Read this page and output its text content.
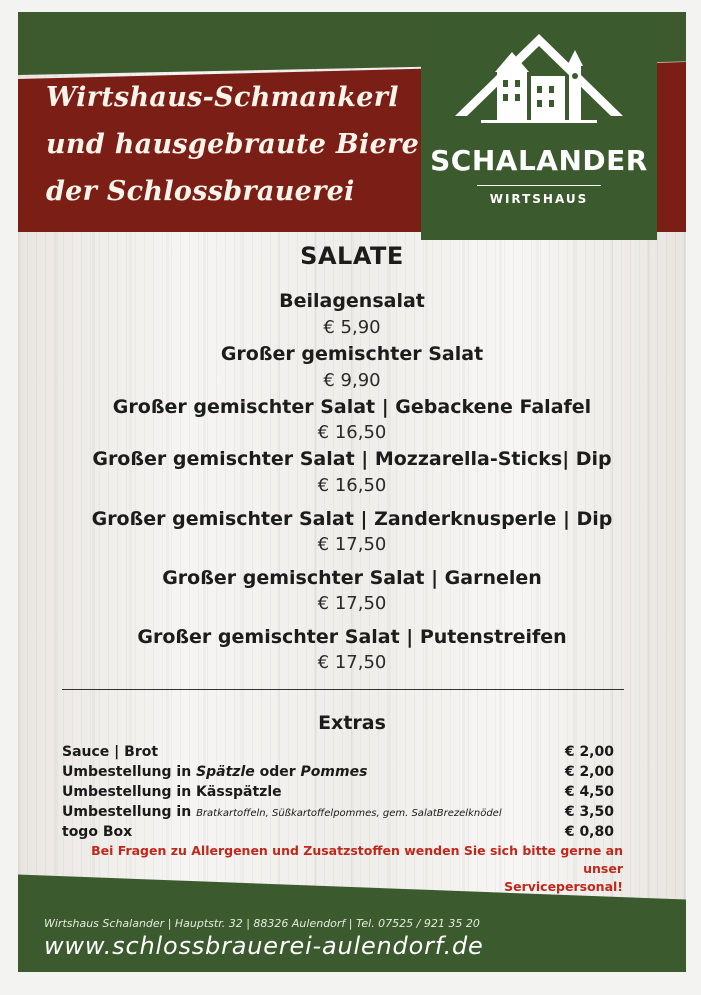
Wirtshaus-Schmankerl
und hausgebraute Biere
der Schlossbrauerei
SCHALANDER
WIRTSHAUS
SALATE
Beilagensalat
€ 5,90
Großer gemischter Salat
€ 9,90
Großer gemischter Salat | Gebackene Falafel
€ 16,50
Großer gemischter Salat | Mozzarella-Sticks| Dip
€ 16,50
Großer gemischter Salat | Zanderknusperle | Dip
€ 17,50
Großer gemischter Salat | Garnelen
€ 17,50
Großer gemischter Salat | Putenstreifen
€ 17,50
Extras
Sauce | Brot	€ 2,00
Umbestellung in Spätzle oder Pommes	€ 2,00
Umbestellung in Kässpätzle	€ 4,50
Umbestellung in Bratkartoffeln, Süßkartoffelpommes, gem. SalatBrezelknödel	€ 3,50
togo Box	€ 0,80
Bei Fragen zu Allergenen und Zusatzstoffen wenden Sie sich bitte gerne an unser
Servicepersonal!
Wirtshaus Schalander | Hauptstr. 32 | 88326 Aulendorf | Tel. 07525 / 921 35 20
www.schlossbrauerei-aulendorf.de
